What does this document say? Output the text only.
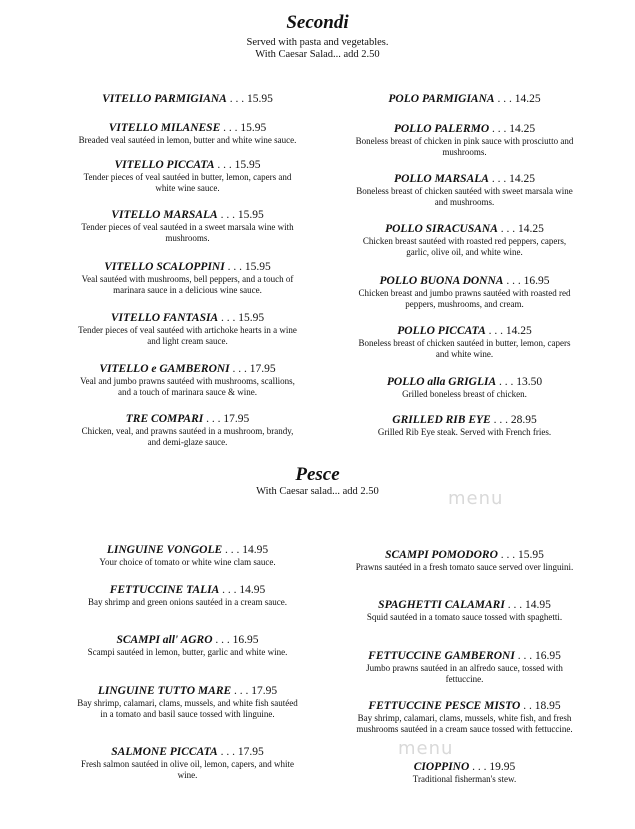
Secondi
Served with pasta and vegetables.
With Caesar Salad... add 2.50
VITELLO PARMIGIANA . . . 15.95
VITELLO MILANESE . . . 15.95
Breaded veal sautéed in lemon, butter and white wine sauce.
VITELLO PICCATA . . . 15.95
Tender pieces of veal sautéed in butter, lemon, capers and white wine sauce.
VITELLO MARSALA . . . 15.95
Tender pieces of veal sautéed in a sweet marsala wine with mushrooms.
VITELLO SCALOPPINI . . . 15.95
Veal sautéed with mushrooms, bell peppers, and a touch of marinara sauce in a delicious wine sauce.
VITELLO FANTASIA . . . 15.95
Tender pieces of veal sautéed with artichoke hearts in a wine and light cream sauce.
VITELLO e GAMBERONI . . . 17.95
Veal and jumbo prawns sautéed with mushrooms, scallions, and a touch of marinara sauce & wine.
TRE COMPARI . . . 17.95
Chicken, veal, and prawns sautéed in a mushroom, brandy, and demi-glaze sauce.
POLO PARMIGIANA . . . 14.25
POLLO PALERMO . . . 14.25
Boneless breast of chicken in pink sauce with prosciutto and mushrooms.
POLLO MARSALA . . . 14.25
Boneless breast of chicken sautéed with sweet marsala wine and mushrooms.
POLLO SIRACUSANA . . . 14.25
Chicken breast sautéed with roasted red peppers, capers, garlic, olive oil, and white wine.
POLLO BUONA DONNA . . . 16.95
Chicken breast and jumbo prawns sautéed with roasted red peppers, mushrooms, and cream.
POLLO PICCATA . . . 14.25
Boneless breast of chicken sautéed in butter, lemon, capers and white wine.
POLLO alla GRIGLIA . . . 13.50
Grilled boneless breast of chicken.
GRILLED RIB EYE . . . 28.95
Grilled Rib Eye steak. Served with French fries.
Pesce
With Caesar salad... add 2.50
LINGUINE VONGOLE . . . 14.95
Your choice of tomato or white wine clam sauce.
FETTUCCINE TALIA . . . 14.95
Bay shrimp and green onions sautéed in a cream sauce.
SCAMPI all' AGRO . . . 16.95
Scampi sautéed in lemon, butter, garlic and white wine.
LINGUINE TUTTO MARE . . . 17.95
Bay shrimp, calamari, clams, mussels, and white fish sautéed in a tomato and basil sauce tossed with linguine.
SALMONE PICCATA . . . 17.95
Fresh salmon sautéed in olive oil, lemon, capers, and white wine.
SCAMPI POMODORO . . . 15.95
Prawns sautéed in a fresh tomato sauce served over linguini.
SPAGHETTI CALAMARI . . . 14.95
Squid sautéed in a tomato sauce tossed with spaghetti.
FETTUCCINE GAMBERONI . . . 16.95
Jumbo prawns sautéed in an alfredo sauce, tossed with fettuccine.
FETTUCCINE PESCE MISTO . . 18.95
Bay shrimp, calamari, clams, mussels, white fish, and fresh mushrooms sautéed in a cream sauce tossed with fettuccine.
CIOPPINO . . . 19.95
Traditional fisherman's stew.
menu
menu
